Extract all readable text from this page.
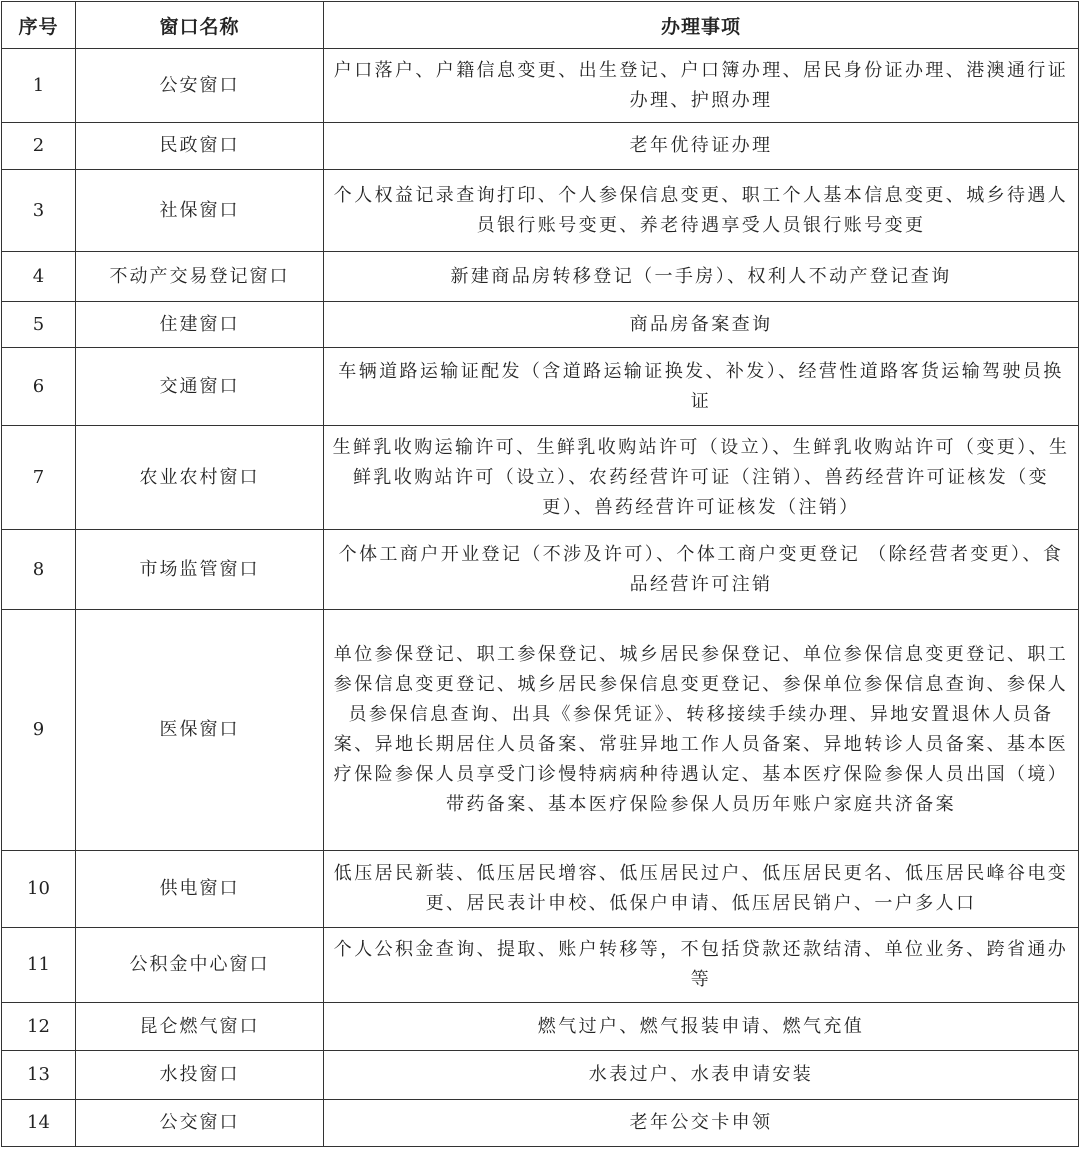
序号	窗口名称	办理事项
1	公安窗口	户口落户、户籍信息变更、出生登记、户口簿办理、居民身份证办理、港澳通行证办理、护照办理
2	民政窗口	老年优待证办理
3	社保窗口	个人权益记录查询打印、个人参保信息变更、职工个人基本信息变更、城乡待遇人员银行账号变更、养老待遇享受人员银行账号变更
4	不动产交易登记窗口	新建商品房转移登记（一手房）、权利人不动产登记查询
5	住建窗口	商品房备案查询
6	交通窗口	车辆道路运输证配发（含道路运输证换发、补发）、经营性道路客货运输驾驶员换证
7	农业农村窗口	生鲜乳收购运输许可、生鲜乳收购站许可（设立）、生鲜乳收购站许可（变更）、生鲜乳收购站许可（设立）、农药经营许可证（注销）、兽药经营许可证核发（变更）、兽药经营许可证核发（注销）
8	市场监管窗口	个体工商户开业登记（不涉及许可）、个体工商户变更登记 （除经营者变更）、食品经营许可注销
9	医保窗口	单位参保登记、职工参保登记、城乡居民参保登记、单位参保信息变更登记、职工参保信息变更登记、城乡居民参保信息变更登记、参保单位参保信息查询、参保人员参保信息查询、出具《参保凭证》、转移接续手续办理、异地安置退休人员备案、异地长期居住人员备案、常驻异地工作人员备案、异地转诊人员备案、基本医疗保险参保人员享受门诊慢特病病种待遇认定、基本医疗保险参保人员出国（境）带药备案、基本医疗保险参保人员历年账户家庭共济备案
10	供电窗口	低压居民新装、低压居民增容、低压居民过户、低压居民更名、低压居民峰谷电变更、居民表计申校、低保户申请、低压居民销户、一户多人口
11	公积金中心窗口	个人公积金查询、提取、账户转移等，不包括贷款还款结清、单位业务、跨省通办等
12	昆仑燃气窗口	燃气过户、燃气报装申请、燃气充值
13	水投窗口	水表过户、水表申请安装
14	公交窗口	老年公交卡申领
